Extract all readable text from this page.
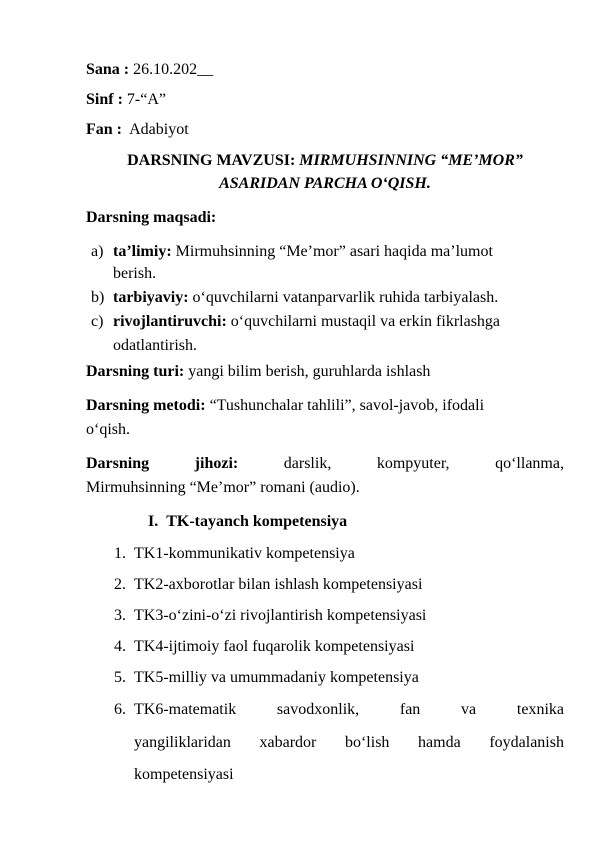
Sana : 26.10.202__
Sinf : 7-“A”
Fan : Adabiyot
DARSNING MAVZUSI: MIRMUHSINNING “ME’MOR”
ASARIDAN PARCHA O‘QISH.
Darsning maqsadi:
a) ta’limiy: Mirmuhsinning “Me’mor” asari haqida ma’lumot
berish.
b) tarbiyaviy: o‘quvchilarni vatanparvarlik ruhida tarbiyalash.
c) rivojlantiruvchi: o‘quvchilarni mustaqil va erkin fikrlashga
odatlantirish.
Darsning turi: yangi bilim berish, guruhlarda ishlash
Darsning metodi: “Tushunchalar tahlili”, savol-javob, ifodali
o‘qish.
Darsning	jihozi:	darslik,	kompyuter,	qo‘llanma,
Mirmuhsinning “Me’mor” romani (audio).
I. TK-tayanch kompetensiya
1. TK1-kommunikativ kompetensiya
2. TK2-axborotlar bilan ishlash kompetensiyasi
3. TK3-o‘zini-o‘zi rivojlantirish kompetensiyasi
4. TK4-ijtimoiy faol fuqarolik kompetensiyasi
5. TK5-milliy va umummadaniy kompetensiya
6. TK6-matematik	savodxonlik,	fan	va	texnika
yangiliklaridan xabardor bo‘lish hamda foydalanish
kompetensiyasi
